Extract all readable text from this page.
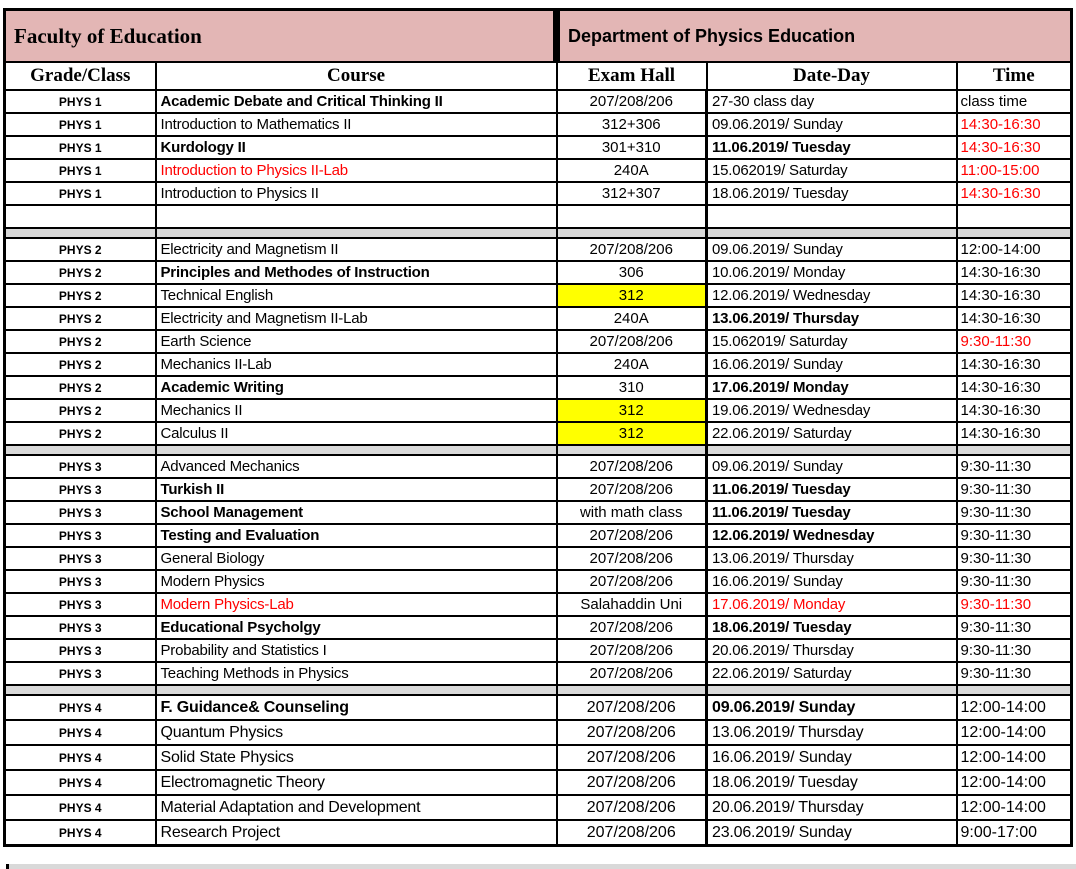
Faculty of Education		Department of Physics Education		
Grade/Class	Course	Exam Hall	Date-Day	Time
PHYS 1	Academic Debate and Critical Thinking II	207/208/206	27-30 class day	class time
PHYS 1	Introduction to Mathematics II	312+306	09.06.2019/ Sunday	14:30-16:30
PHYS 1	Kurdology II	301+310	11.06.2019/ Tuesday	14:30-16:30
PHYS 1	Introduction to Physics II-Lab	240A	15.062019/ Saturday	11:00-15:00
PHYS 1	Introduction to Physics II	312+307	18.06.2019/ Tuesday	14:30-16:30

PHYS 2	Electricity and Magnetism II	207/208/206	09.06.2019/ Sunday	12:00-14:00
PHYS 2	Principles and Methodes of Instruction	306	10.06.2019/ Monday	14:30-16:30
PHYS 2	Technical English	312	12.06.2019/ Wednesday	14:30-16:30
PHYS 2	Electricity and Magnetism II-Lab	240A	13.06.2019/ Thursday	14:30-16:30
PHYS 2	Earth Science	207/208/206	15.062019/ Saturday	9:30-11:30
PHYS 2	Mechanics II-Lab	240A	16.06.2019/ Sunday	14:30-16:30
PHYS 2	Academic Writing	310	17.06.2019/ Monday	14:30-16:30
PHYS 2	Mechanics II	312	19.06.2019/ Wednesday	14:30-16:30
PHYS 2	Calculus II	312	22.06.2019/ Saturday	14:30-16:30

PHYS 3	Advanced Mechanics	207/208/206	09.06.2019/ Sunday	9:30-11:30
PHYS 3	Turkish II	207/208/206	11.06.2019/ Tuesday	9:30-11:30
PHYS 3	School Management	with math class	11.06.2019/ Tuesday	9:30-11:30
PHYS 3	Testing and Evaluation	207/208/206	12.06.2019/ Wednesday	9:30-11:30
PHYS 3	General Biology	207/208/206	13.06.2019/ Thursday	9:30-11:30
PHYS 3	Modern Physics	207/208/206	16.06.2019/ Sunday	9:30-11:30
PHYS 3	Modern Physics-Lab	Salahaddin Uni	17.06.2019/ Monday	9:30-11:30
PHYS 3	Educational Psycholgy	207/208/206	18.06.2019/ Tuesday	9:30-11:30
PHYS 3	Probability and Statistics I	207/208/206	20.06.2019/ Thursday	9:30-11:30
PHYS 3	Teaching Methods in Physics	207/208/206	22.06.2019/ Saturday	9:30-11:30

PHYS 4	F. Guidance& Counseling	207/208/206	09.06.2019/ Sunday	12:00-14:00
PHYS 4	Quantum Physics	207/208/206	13.06.2019/ Thursday	12:00-14:00
PHYS 4	Solid State Physics	207/208/206	16.06.2019/ Sunday	12:00-14:00
PHYS 4	Electromagnetic Theory	207/208/206	18.06.2019/ Tuesday	12:00-14:00
PHYS 4	Material Adaptation and Development	207/208/206	20.06.2019/ Thursday	12:00-14:00
PHYS 4	Research Project	207/208/206	23.06.2019/ Sunday	9:00-17:00
